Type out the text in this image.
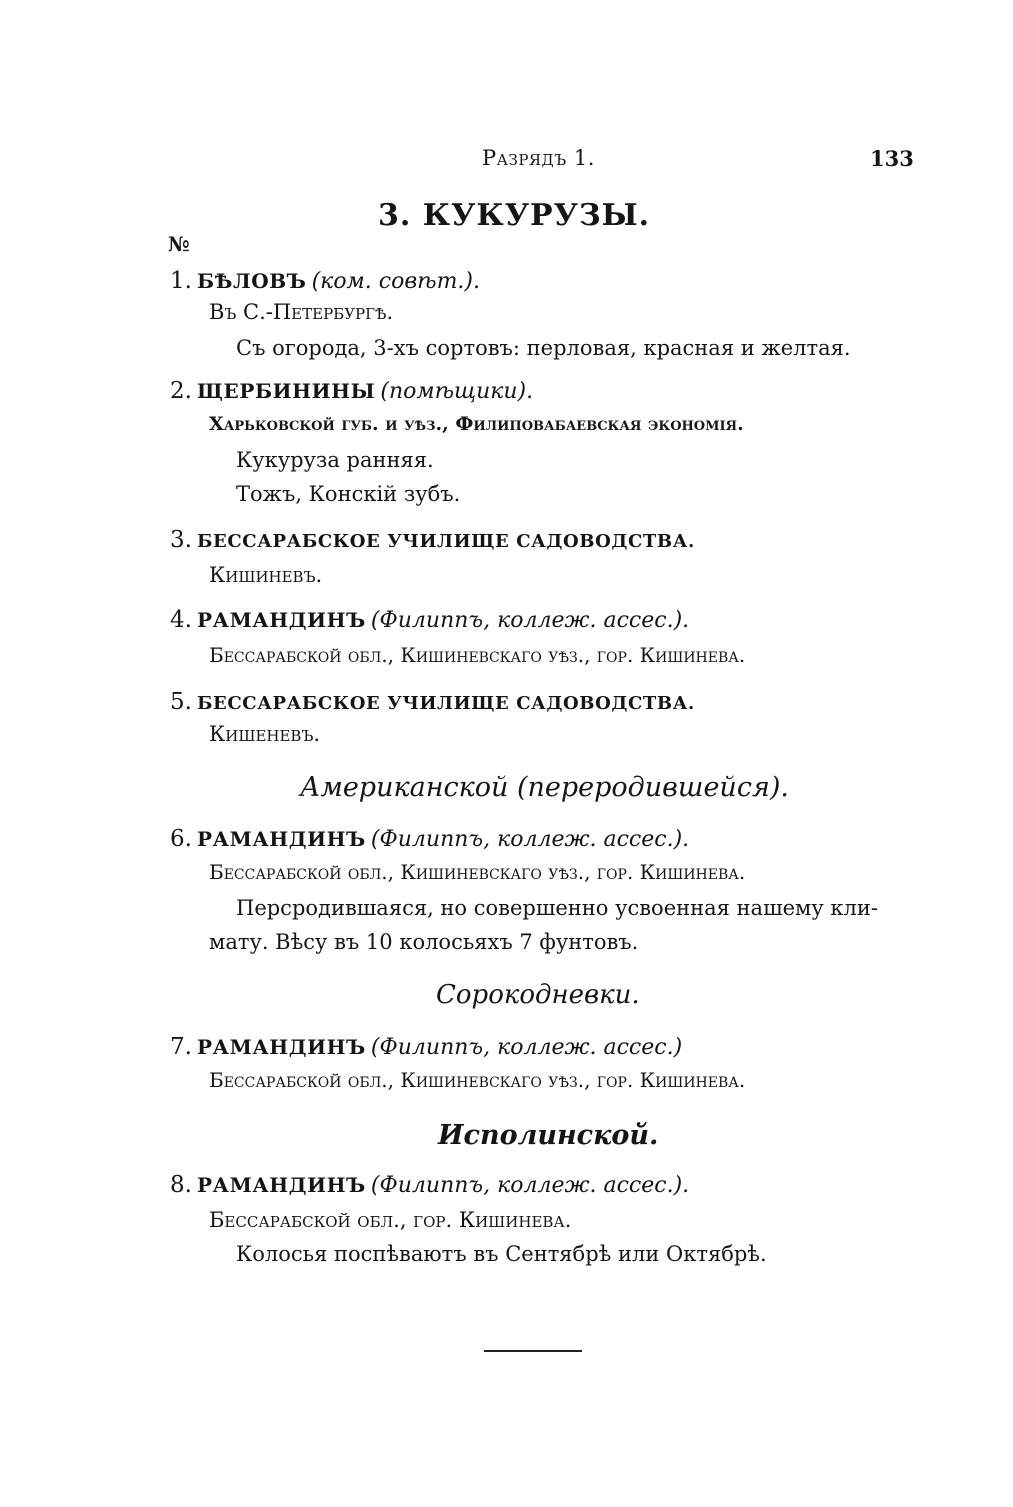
Разрядъ 1.	133
3. КУКУРУЗЫ.
№
1. БѢЛОВЪ (ком. совѣт.).
Въ С.-Петербургѣ.
Съ огорода, 3-хъ сортовъ: перловая, красная и желтая.
2. ЩЕРБИНИНЫ (помѣщики).
Харьковской губ. и уѣз., Филиповабаевская экономія.
Кукуруза ранняя.
Тожъ, Конскій зубъ.
3. БЕССАРАБСКОЕ УЧИЛИЩЕ САДОВОДСТВА.
Кишиневъ.
4. РАМАНДИНЪ (Филиппъ, коллеж. ассес.).
Бессарабской обл., Кишиневскаго уѣз., гор. Кишинева.
5. БЕССАРАБСКОЕ УЧИЛИЩЕ САДОВОДСТВА.
Кишеневъ.
Американской (переродившейся).
6. РАМАНДИНЪ (Филиппъ, коллеж. ассес.).
Бессарабской обл., Кишиневскаго уѣз., гор. Кишинева.
Перcродившаяся, но совершенно усвоенная нашему кли-
мату. Вѣсу въ 10 колосьяхъ 7 фунтовъ.
Сорокодневки.
7. РАМАНДИНЪ (Филиппъ, коллеж. ассес.)
Бессарабской обл., Кишиневскаго уѣз., гор. Кишинева.
Исполинской.
8. РАМАНДИНЪ (Филиппъ, коллеж. ассес.).
Бессарабской обл., гор. Кишинева.
Колосья поспѣваютъ въ Сентябрѣ или Октябрѣ.
